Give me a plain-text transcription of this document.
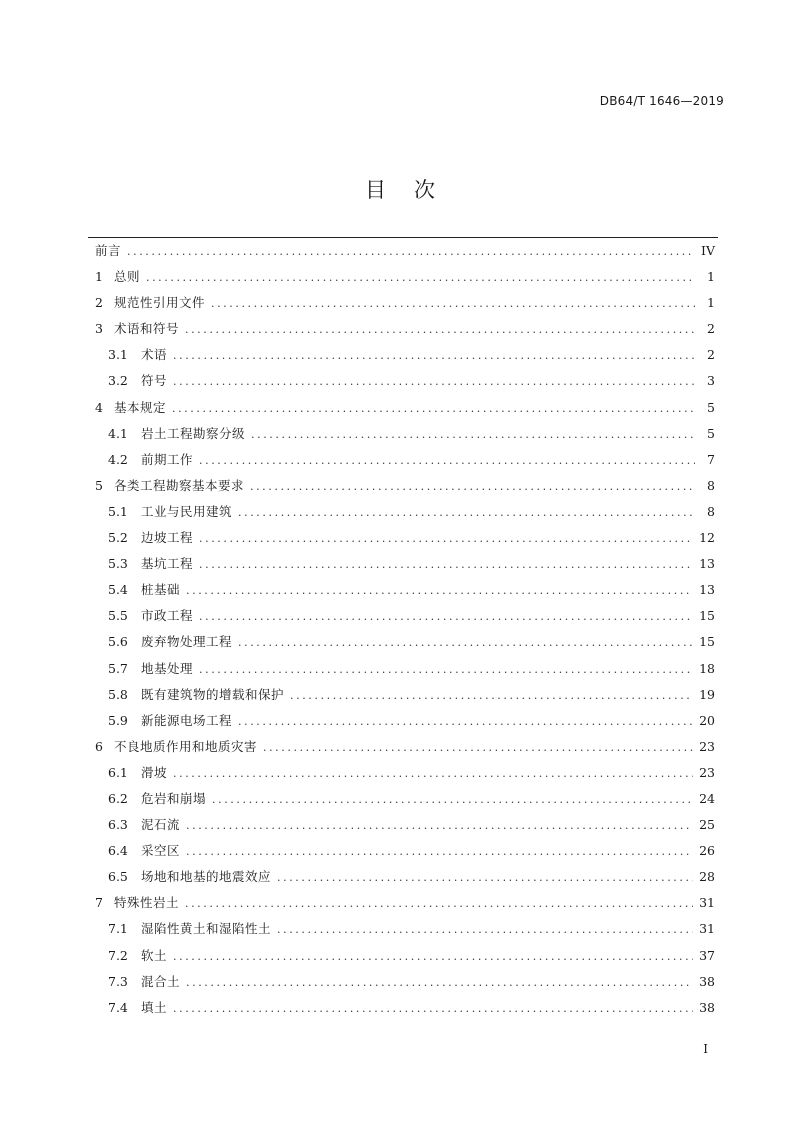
DB64/T 1646—2019
目次
前言 .....	IV
1 总则 .....	1
2 规范性引用文件 .....	1
3 术语和符号 .....	2
3.1	术语 .....	2
3.2	符号 .....	3
4 基本规定 .....	5
4.1	岩土工程勘察分级 .....	5
4.2	前期工作 .....	7
5 各类工程勘察基本要求 .....	8
5.1	工业与民用建筑 .....	8
5.2	边坡工程 .....	12
5.3	基坑工程 .....	13
5.4	桩基础 .....	13
5.5	市政工程 .....	15
5.6	废弃物处理工程 .....	15
5.7	地基处理 .....	18
5.8	既有建筑物的增载和保护 .....	19
5.9	新能源电场工程 .....	20
6 不良地质作用和地质灾害 .....	23
6.1	滑坡 .....	23
6.2	危岩和崩塌 .....	24
6.3	泥石流 .....	25
6.4	采空区 .....	26
6.5	场地和地基的地震效应 .....	28
7 特殊性岩土 .....	31
7.1	湿陷性黄土和湿陷性土 .....	31
7.2	软土 .....	37
7.3	混合土 .....	38
7.4	填土 .....	38
I
